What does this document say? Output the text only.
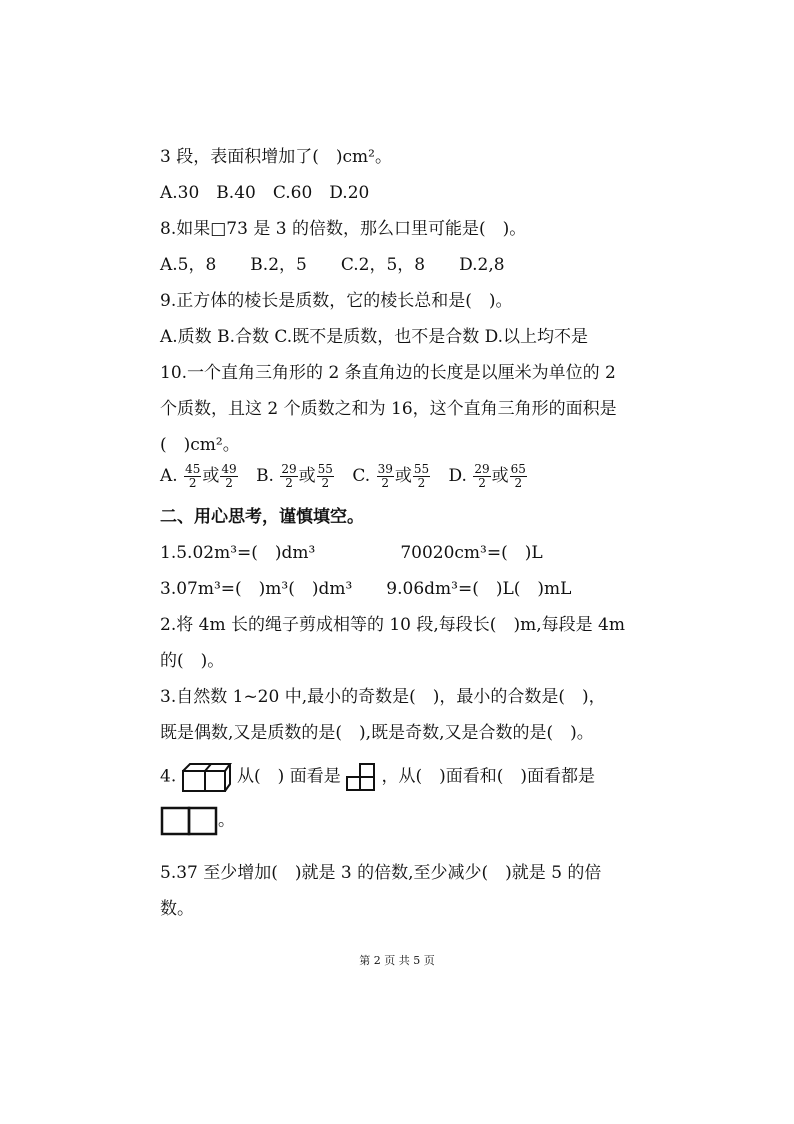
3 段，表面积增加了(　)cm²。
A.30　B.40　C.60　D.20
8.如果□73 是 3 的倍数，那么口里可能是(　)。
A.5，8　　B.2，5　　C.2，5，8　　D.2,8
9.正方体的棱长是质数，它的棱长总和是(　)。
A.质数 B.合数 C.既不是质数，也不是合数 D.以上均不是
10.一个直角三角形的 2 条直角边的长度是以厘米为单位的 2
个质数，且这 2 个质数之和为 16，这个直角三角形的面积是
(　)cm²。
A. $\frac{45}{2}$ 或 $\frac{49}{2} B$. $\frac{29}{2}$ 或 $\frac{55}{2} C$. $\frac{39}{2}$ 或 $\frac{55}{2} D$. $\frac{29}{2}$ 或 $\frac{65}{2}$
二、用心思考，谨慎填空。
1.5.02m³=(　)dm³　　　　　70020cm³=(　)L
3.07m³=(　)m³(　)dm³　　9.06dm³=(　)L(　)mL
2.将 4m 长的绳子剪成相等的 10 段,每段长(　)m,每段是 4m
的(　)。
3.自然数 1~20 中,最小的奇数是(　)，最小的合数是(　)，
既是偶数,又是质数的是(　),既是奇数,又是合数的是(　)。
4.	从(　) 面看是 ，从(　)面看和(　)面看都是
。
5.37 至少增加(　)就是 3 的倍数,至少减少(　)就是 5 的倍
数。
第 2 页 共 5 页
